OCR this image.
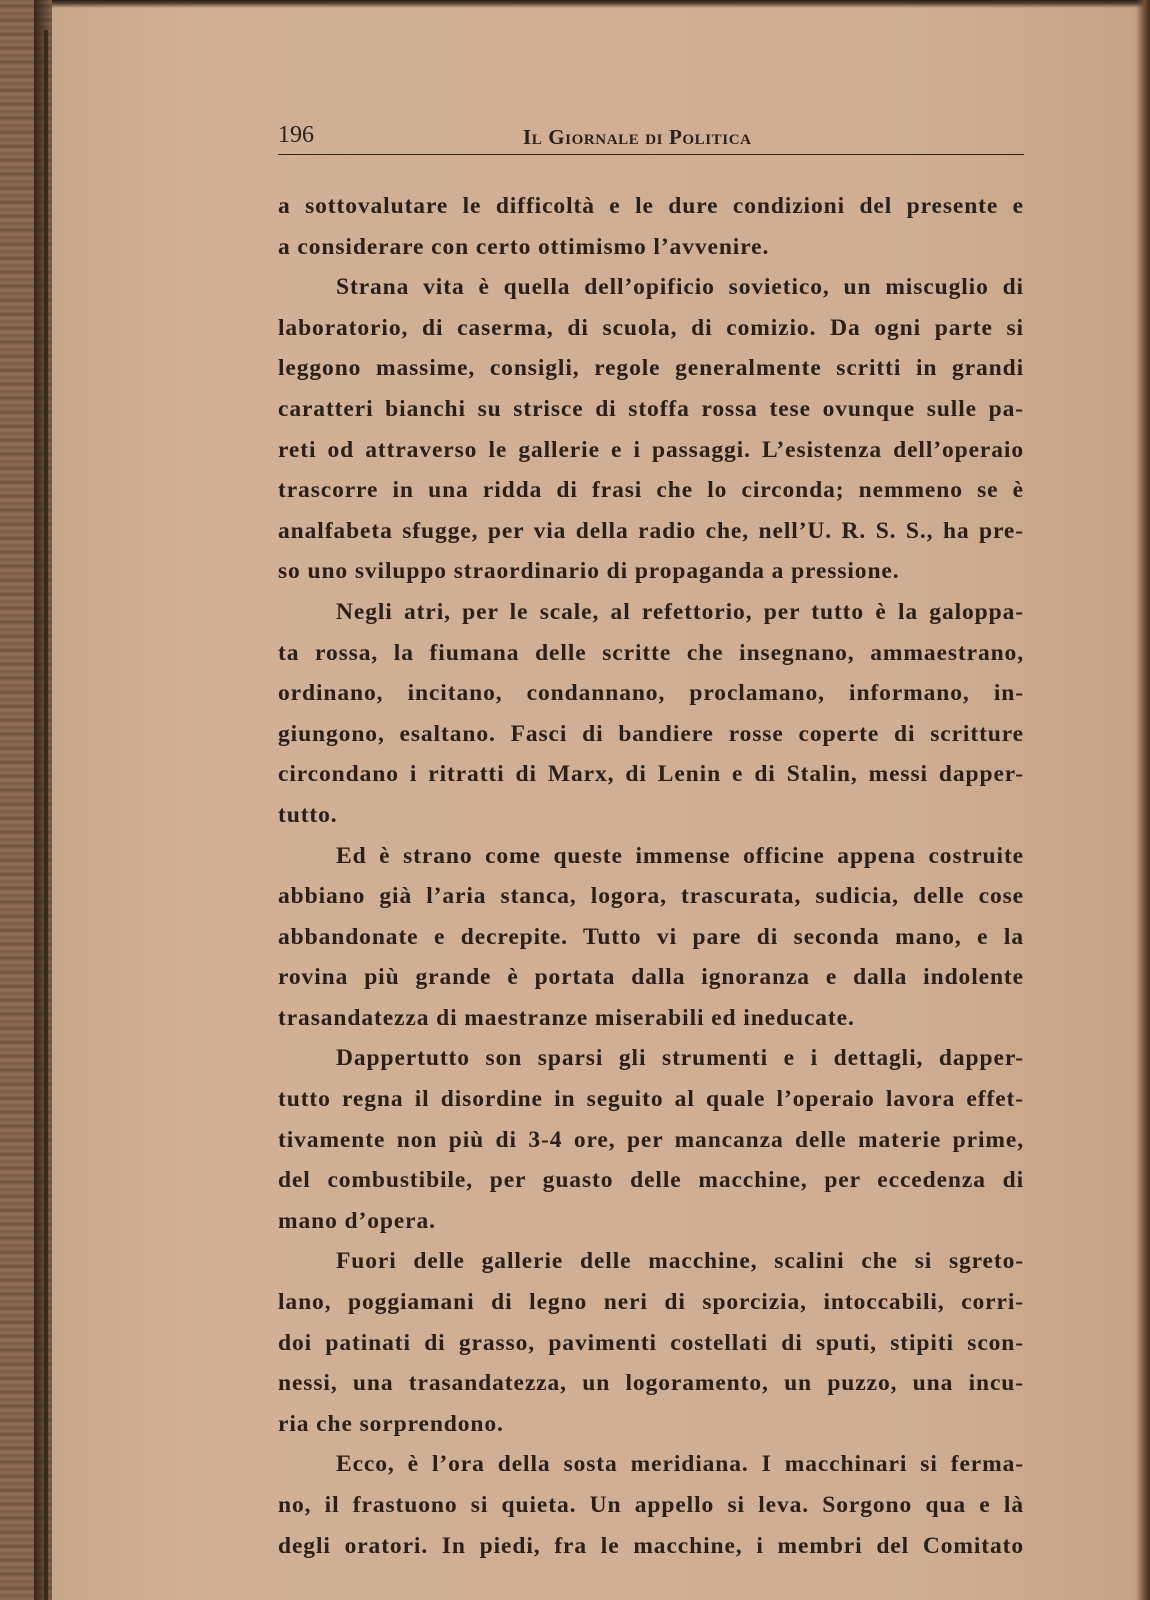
196	Il Giornale di Politica
a sottovalutare le difficoltà e le dure condizioni del presente e
a considerare con certo ottimismo l’avvenire.
Strana vita è quella dell’opificio sovietico, un miscuglio di
laboratorio, di caserma, di scuola, di comizio. Da ogni parte si
leggono massime, consigli, regole generalmente scritti in grandi
caratteri bianchi su strisce di stoffa rossa tese ovunque sulle pa-
reti od attraverso le gallerie e i passaggi. L’esistenza dell’operaio
trascorre in una ridda di frasi che lo circonda; nemmeno se è
analfabeta sfugge, per via della radio che, nell’U. R. S. S., ha pre-
so uno sviluppo straordinario di propaganda a pressione.
Negli atri, per le scale, al refettorio, per tutto è la galoppa-
ta rossa, la fiumana delle scritte che insegnano, ammaestrano,
ordinano, incitano, condannano, proclamano, informano, in-
giungono, esaltano. Fasci di bandiere rosse coperte di scritture
circondano i ritratti di Marx, di Lenin e di Stalin, messi dapper-
tutto.
Ed è strano come queste immense officine appena costruite
abbiano già l’aria stanca, logora, trascurata, sudicia, delle cose
abbandonate e decrepite. Tutto vi pare di seconda mano, e la
rovina più grande è portata dalla ignoranza e dalla indolente
trasandatezza di maestranze miserabili ed ineducate.
Dappertutto son sparsi gli strumenti e i dettagli, dapper-
tutto regna il disordine in seguito al quale l’operaio lavora effet-
tivamente non più di 3-4 ore, per mancanza delle materie prime,
del combustibile, per guasto delle macchine, per eccedenza di
mano d’opera.
Fuori delle gallerie delle macchine, scalini che si sgreto-
lano, poggiamani di legno neri di sporcizia, intoccabili, corri-
doi patinati di grasso, pavimenti costellati di sputi, stipiti scon-
nessi, una trasandatezza, un logoramento, un puzzo, una incu-
ria che sorprendono.
Ecco, è l’ora della sosta meridiana. I macchinari si ferma-
no, il frastuono si quieta. Un appello si leva. Sorgono qua e là
degli oratori. In piedi, fra le macchine, i membri del Comitato
